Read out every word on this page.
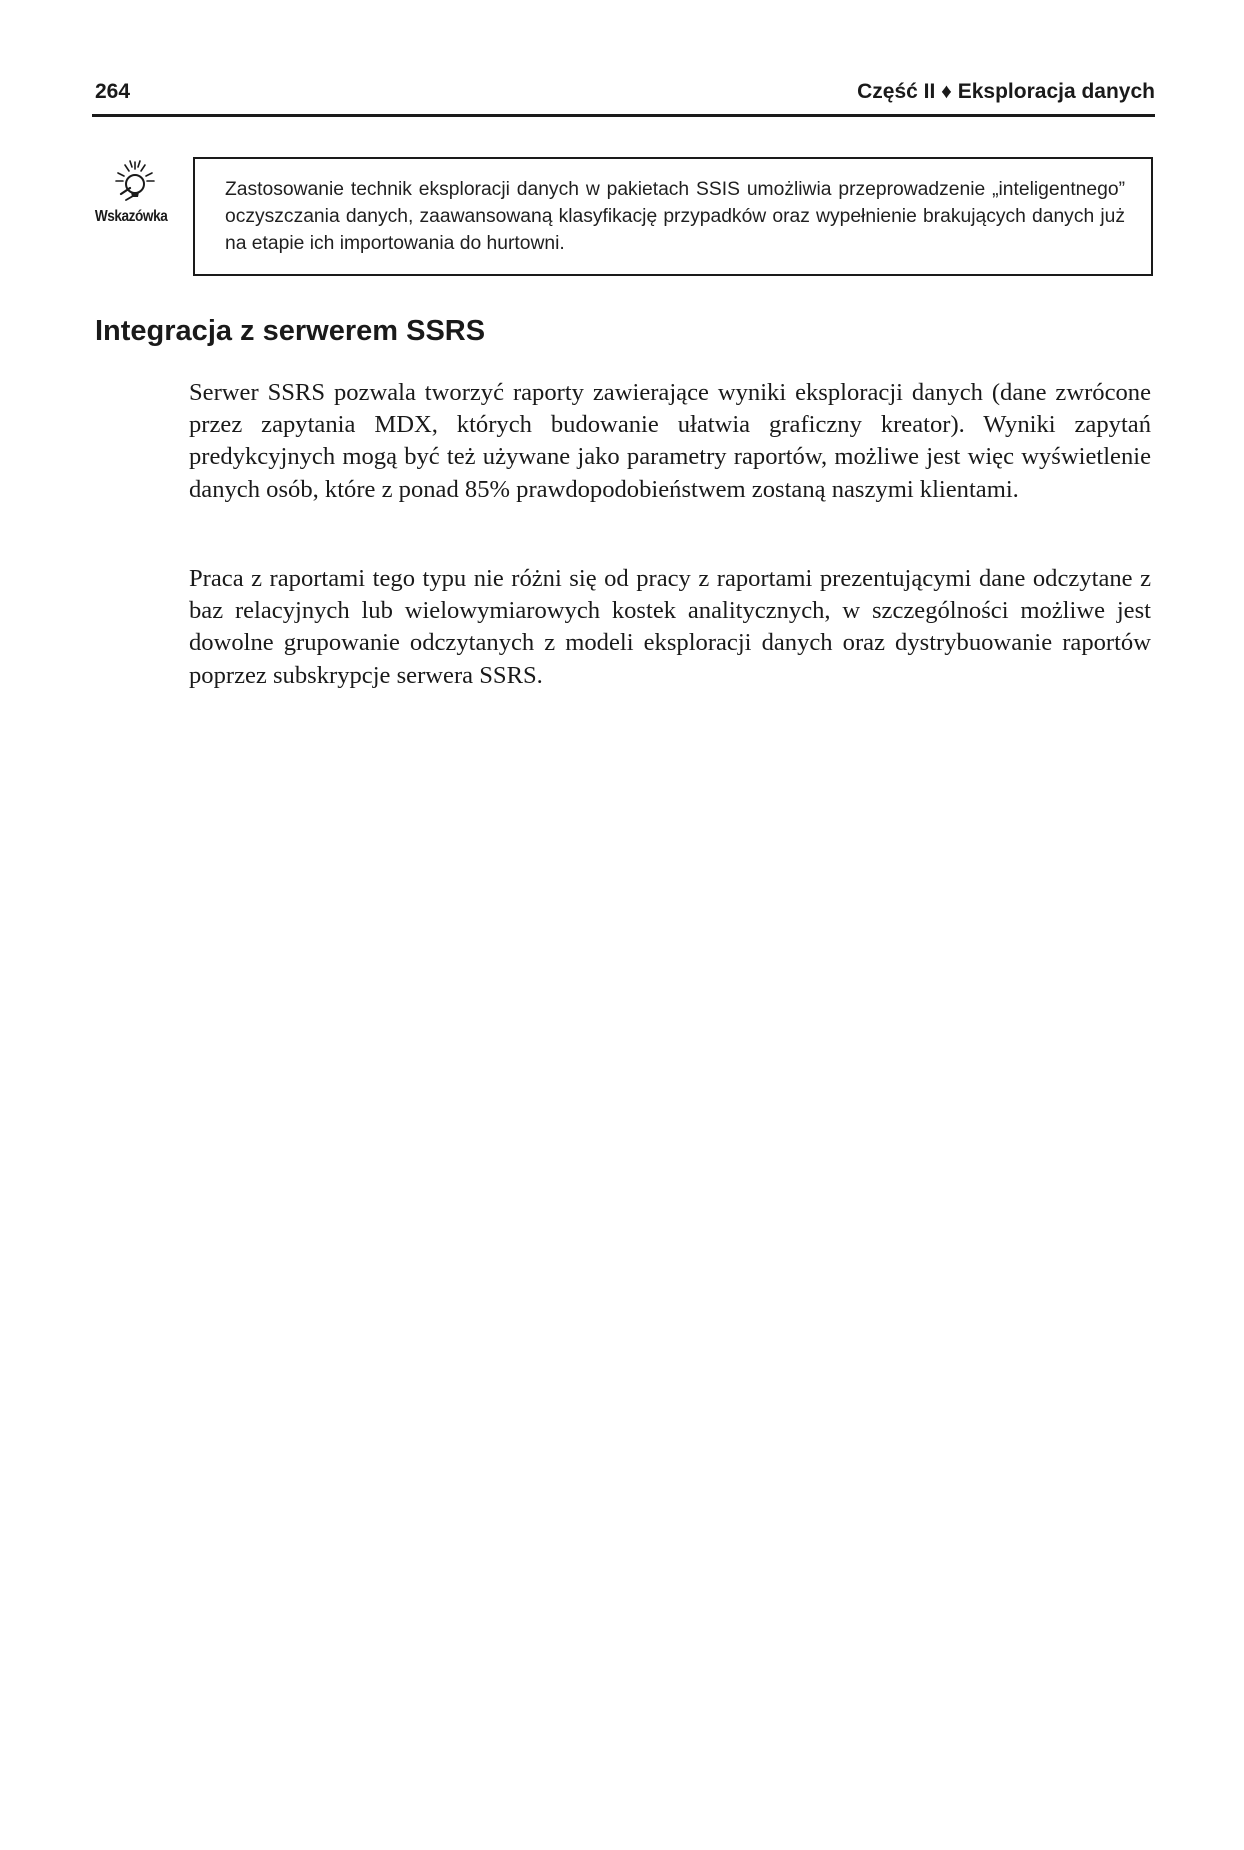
264	Część II ♦ Eksploracja danych
Wskazówka
Zastosowanie technik eksploracji danych w pakietach SSIS umożliwia przeprowadzenie „inteligentnego” oczyszczania danych, zaawansowaną klasyfikację przypadków oraz wypełnienie brakujących danych już na etapie ich importowania do hurtowni.
Integracja z serwerem SSRS

Serwer SSRS pozwala tworzyć raporty zawierające wyniki eksploracji danych (dane zwrócone przez zapytania MDX, których budowanie ułatwia graficzny kreator). Wyniki zapytań predykcyjnych mogą być też używane jako parametry raportów, możliwe jest więc wyświetlenie danych osób, które z ponad 85% prawdopodobieństwem zostaną naszymi klientami.

Praca z raportami tego typu nie różni się od pracy z raportami prezentującymi dane odczytane z baz relacyjnych lub wielowymiarowych kostek analitycznych, w szczególności możliwe jest dowolne grupowanie odczytanych z modeli eksploracji danych oraz dystrybuowanie raportów poprzez subskrypcje serwera SSRS.
